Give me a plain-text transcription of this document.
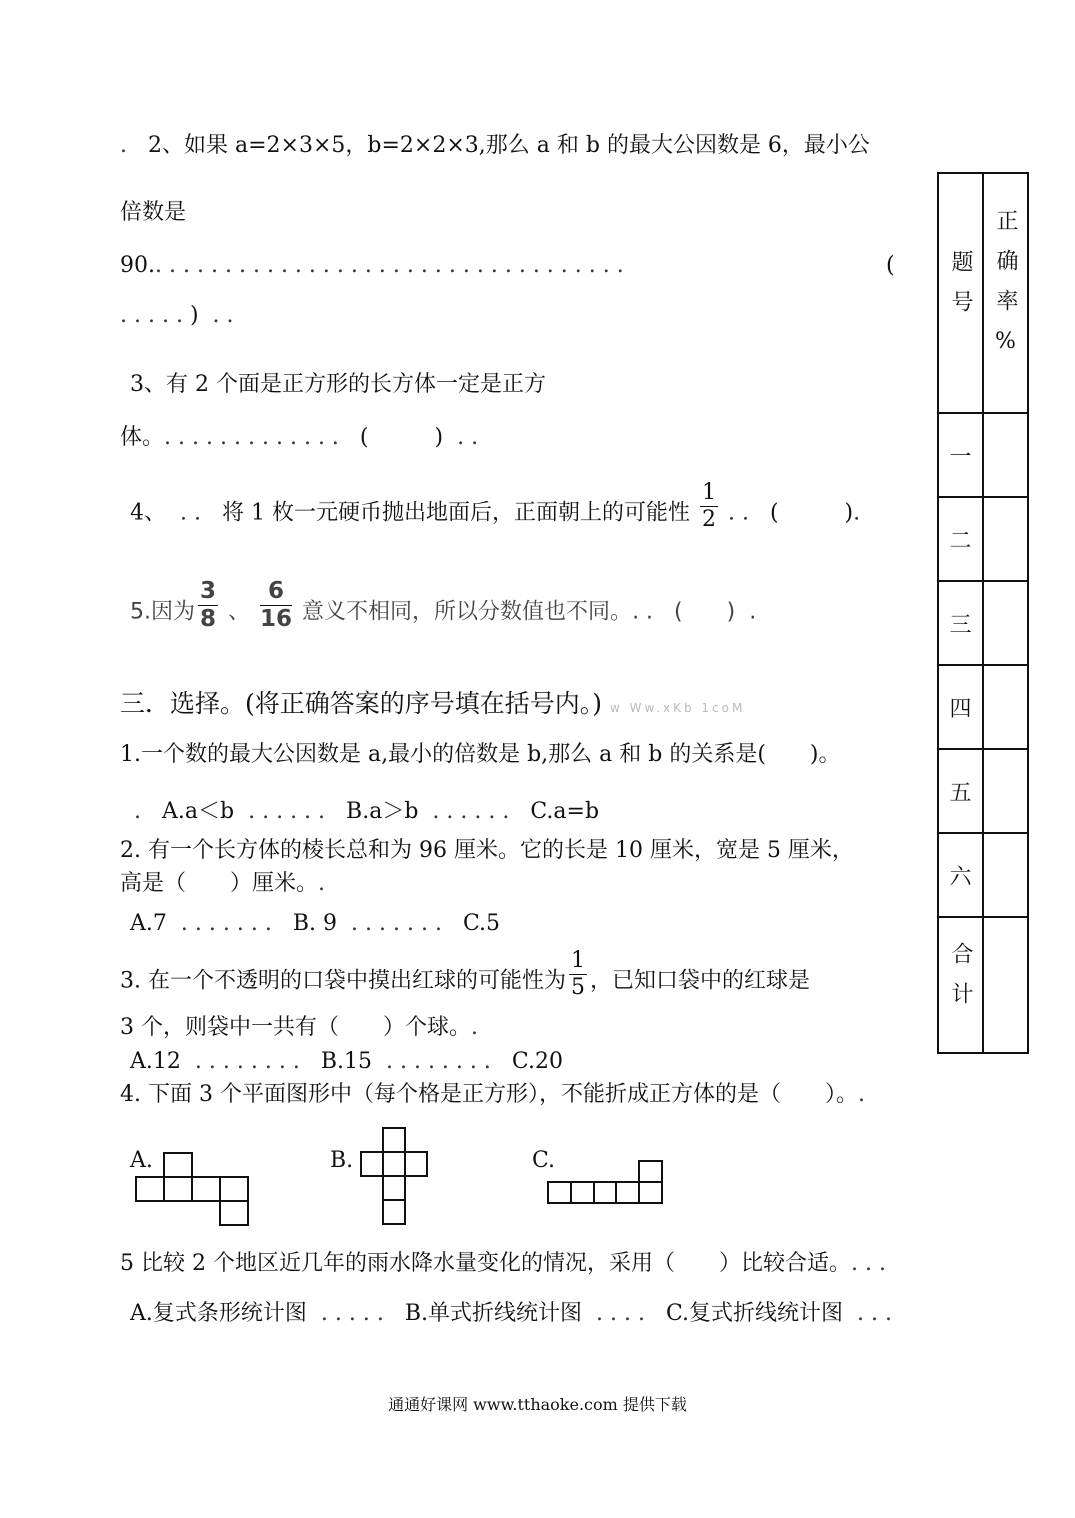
. 2、如果 a=2×3×5，b=2×2×3,那么 a 和 b 的最大公因数是 6，最小公
倍数是
90...................................	(
.....) ..
3、有 2 个面是正方形的长方体一定是正方
体。............. (　　　) ..
4、 .. 将 1 枚一元硬币抛出地面后，正面朝上的可能性 $\frac{1}{2}$ .. (　　　).
5.因为 $\frac{3}{8}$ 、 $\frac{6}{16}$ 意义不相同，所以分数值也不同。.. (　　) .
三．选择。(将正确答案的序号填在括号内。) w Ww.xKb 1coM
1.一个数的最大公因数是 a,最小的倍数是 b,那么 a 和 b 的关系是(　　)。
. A.a＜b ...... B.a＞b ...... C.a=b
2. 有一个长方体的棱长总和为 96 厘米。它的长是 10 厘米，宽是 5 厘米，
高是（　　）厘米。.
A.7 ....... B. 9 ....... C.5
3. 在一个不透明的口袋中摸出红球的可能性为 $\frac{1}{5}$ ，已知口袋中的红球是
3 个，则袋中一共有（　　）个球。.
A.12 ........ B.15 ........ C.20
4. 下面 3 个平面图形中（每个格是正方形），不能折成正方体的是（　　）。.
A.	B.	C.
5 比较 2 个地区近几年的雨水降水量变化的情况，采用（　　）比较合适。...
A.复式条形统计图 ..... B.单式折线统计图 .... C.复式折线统计图 ...
题号	正确率%
一	
二	
三	
四	
五	
六	
合计	
通通好课网 www.tthaoke.com 提供下载
